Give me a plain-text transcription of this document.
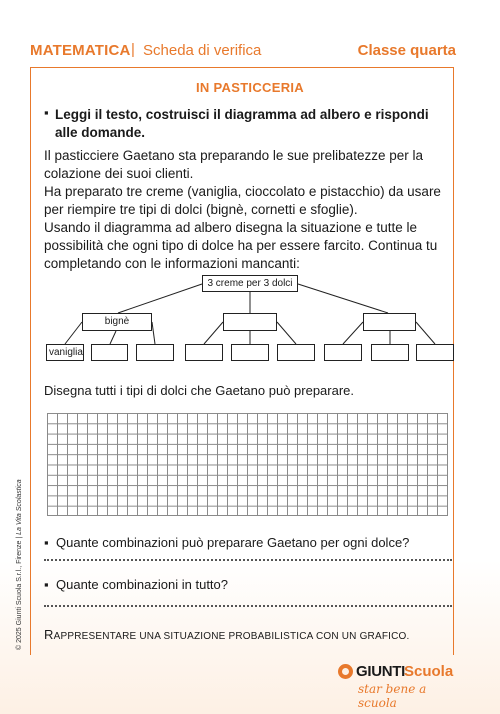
MATEMATICA | Scheda di verifica	Classe quarta
IN PASTICCERIA
▪ Leggi il testo, costruisci il diagramma ad albero e rispondi alle domande.

Il pasticciere Gaetano sta preparando le sue prelibatezze per la colazione dei suoi clienti.

Ha preparato tre creme (vaniglia, cioccolato e pistacchio) da usare per riempire tre tipi di dolci (bignè, cornetti e sfoglie).

Usando il diagramma ad albero disegna la situazione e tutte le possibilità che ogni tipo di dolce ha per essere farcito. Continua tu completando con le informazioni mancanti:

3 creme per 3 dolci
bignè
vaniglia
Disegna tutti i tipi di dolci che Gaetano può preparare.
▪ Quante combinazioni può preparare Gaetano per ogni dolce?
▪ Quante combinazioni in tutto?
RAPPRESENTARE UNA SITUAZIONE PROBABILISTICA CON UN GRAFICO.
© 2025 Giunti Scuola S.r.l., Firenze | La Vita Scolastica
GIUNTI
Scuola
star bene a scuola
